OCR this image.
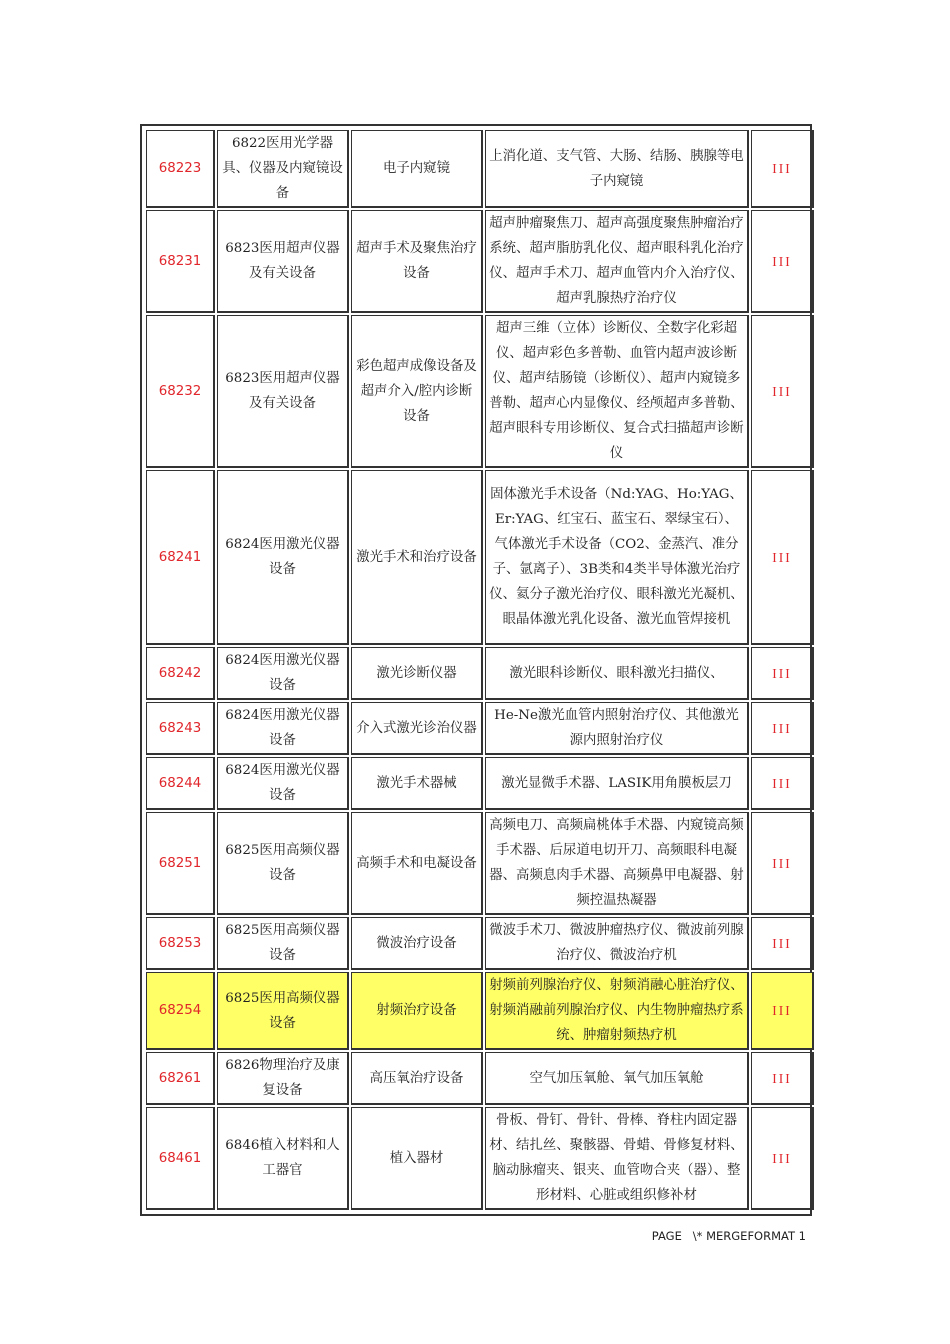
68223	6822医用光学器具、仪器及内窥镜设备	电子内窥镜	上消化道、支气管、大肠、结肠、胰腺等电子内窥镜	III
68231	6823医用超声仪器及有关设备	超声手术及聚焦治疗设备	超声肿瘤聚焦刀、超声高强度聚焦肿瘤治疗系统、超声脂肪乳化仪、超声眼科乳化治疗仪、超声手术刀、超声血管内介入治疗仪、超声乳腺热疗治疗仪	III
68232	6823医用超声仪器及有关设备	彩色超声成像设备及超声介入/腔内诊断设备	超声三维（立体）诊断仪、全数字化彩超仪、超声彩色多普勒、血管内超声波诊断仪、超声结肠镜（诊断仪）、超声内窥镜多普勒、超声心内显像仪、经颅超声多普勒、超声眼科专用诊断仪、复合式扫描超声诊断仪	III
68241	6824医用激光仪器设备	激光手术和治疗设备	固体激光手术设备（Nd:YAG、Ho:YAG、Er:YAG、红宝石、蓝宝石、翠绿宝石）、气体激光手术设备（CO2、金蒸汽、准分子、氩离子）、3B类和4类半导体激光治疗仪、氦分子激光治疗仪、眼科激光光凝机、眼晶体激光乳化设备、激光血管焊接机	III
68242	6824医用激光仪器设备	激光诊断仪器	激光眼科诊断仪、眼科激光扫描仪、	III
68243	6824医用激光仪器设备	介入式激光诊治仪器	He-Ne激光血管内照射治疗仪、其他激光源内照射治疗仪	III
68244	6824医用激光仪器设备	激光手术器械	激光显微手术器、LASIK用角膜板层刀	III
68251	6825医用高频仪器设备	高频手术和电凝设备	高频电刀、高频扁桃体手术器、内窥镜高频手术器、后尿道电切开刀、高频眼科电凝器、高频息肉手术器、高频鼻甲电凝器、射频控温热凝器	III
68253	6825医用高频仪器设备	微波治疗设备	微波手术刀、微波肿瘤热疗仪、微波前列腺治疗仪、微波治疗机	III
68254	6825医用高频仪器设备	射频治疗设备	射频前列腺治疗仪、射频消融心脏治疗仪、射频消融前列腺治疗仪、内生物肿瘤热疗系统、肿瘤射频热疗机	III
68261	6826物理治疗及康复设备	高压氧治疗设备	空气加压氧舱、氧气加压氧舱	III
68461	6846植入材料和人工器官	植入器材	骨板、骨钉、骨针、骨棒、脊柱内固定器材、结扎丝、聚骸器、骨蜡、骨修复材料、脑动脉瘤夹、银夹、血管吻合夹（器）、整形材料、心脏或组织修补材	III
PAGE   \* MERGEFORMAT 1
